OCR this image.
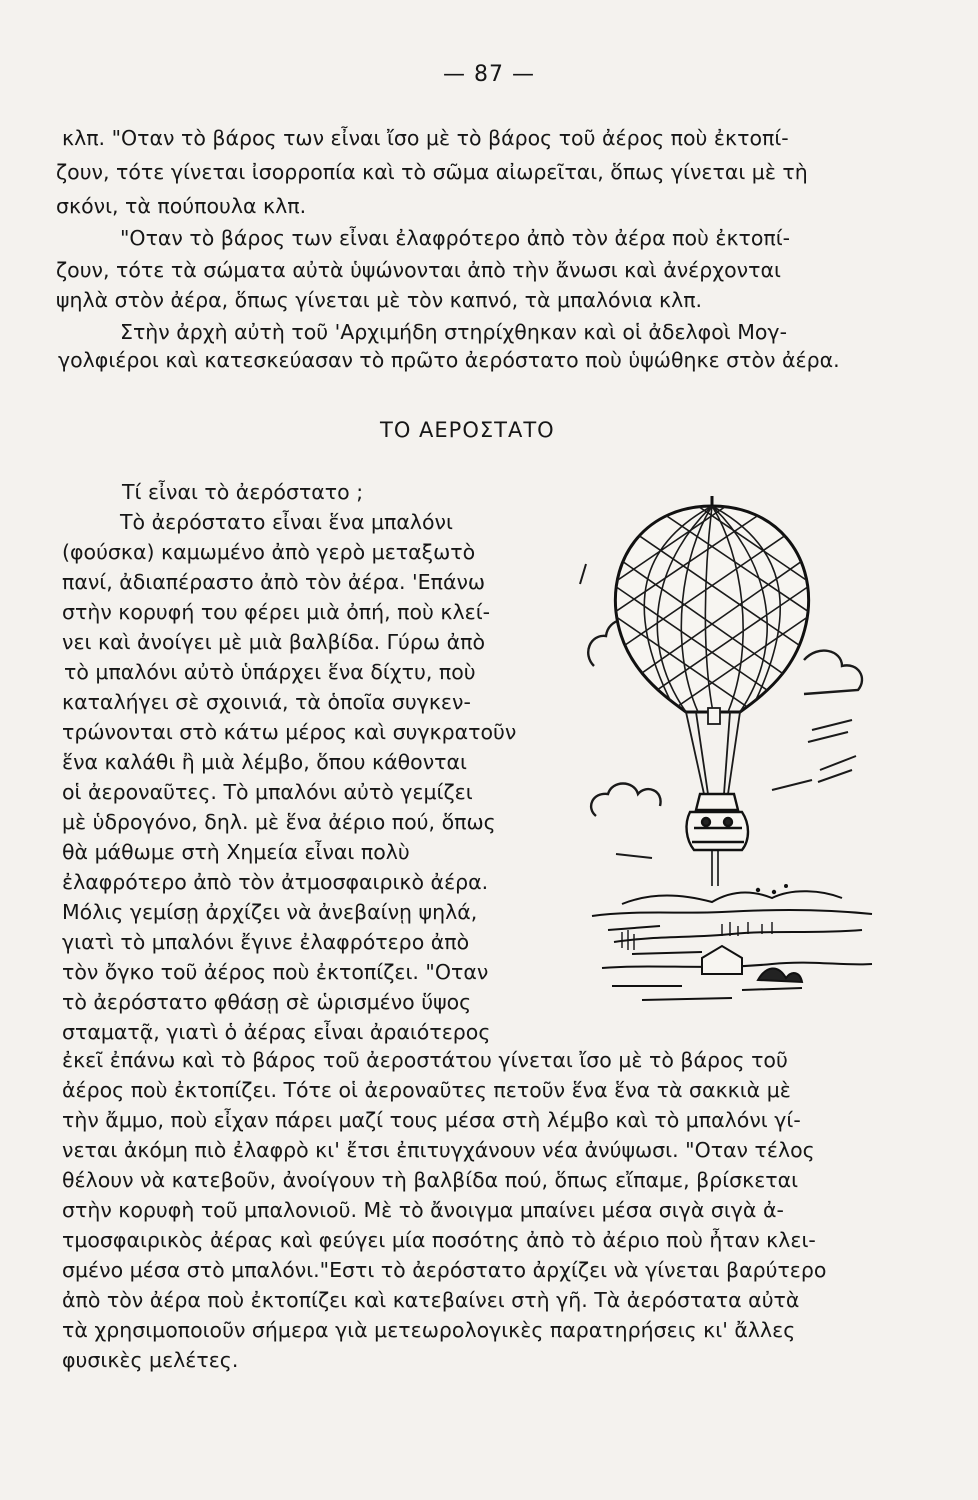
— 87 —
κλπ. "Οταν τὸ βάρος των εἶναι ἴσο μὲ τὸ βάρος τοῦ ἀέρος ποὺ ἐκτοπί-
ζουν, τότε γίνεται ἰσορροπία καὶ τὸ σῶμα αἰωρεῖται, ὅπως γίνεται μὲ τὴ
σκόνι, τὰ πούπουλα κλπ.
"Οταν τὸ βάρος των εἶναι ἐλαφρότερο ἀπὸ τὸν ἀέρα ποὺ ἐκτοπί-
ζουν, τότε τὰ σώματα αὐτὰ ὑψώνονται ἀπὸ τὴν ἄνωσι καὶ ἀνέρχονται
ψηλὰ στὸν ἀέρα, ὅπως γίνεται μὲ τὸν καπνό, τὰ μπαλόνια κλπ.
Στὴν ἀρχὴ αὐτὴ τοῦ 'Αρχιμήδη στηρίχθηκαν καὶ οἱ ἀδελφοὶ Μογ-
γολφιέροι καὶ κατεσκεύασαν τὸ πρῶτο ἀερόστατο ποὺ ὑψώθηκε στὸν ἀέρα.
ΤΟ ΑΕΡΟΣΤΑΤΟ
Τί εἶναι τὸ ἀερόστατο ;
Τὸ ἀερόστατο εἶναι ἕνα μπαλόνι
(φούσκα) καμωμένο ἀπὸ γερὸ μεταξωτὸ
πανί, ἀδιαπέραστο ἀπὸ τὸν ἀέρα. 'Επάνω
στὴν κορυφή του φέρει μιὰ ὀπή, ποὺ κλεί-
νει καὶ ἀνοίγει μὲ μιὰ βαλβίδα. Γύρω ἀπὸ
τὸ μπαλόνι αὐτὸ ὑπάρχει ἕνα δίχτυ, ποὺ
καταλήγει σὲ σχοινιά, τὰ ὁποῖα συγκεν-
τρώνονται στὸ κάτω μέρος καὶ συγκρατοῦν
ἕνα καλάθι ἢ μιὰ λέμβο, ὅπου κάθονται
οἱ ἀεροναῦτες. Τὸ μπαλόνι αὐτὸ γεμίζει
μὲ ὑδρογόνο, δηλ. μὲ ἕνα ἀέριο πού, ὅπως
θὰ μάθωμε στὴ Χημεία εἶναι πολὺ
ἐλαφρότερο ἀπὸ τὸν ἀτμοσφαιρικὸ ἀέρα.
Μόλις γεμίσῃ ἀρχίζει νὰ ἀνεβαίνῃ ψηλά,
γιατὶ τὸ μπαλόνι ἔγινε ἐλαφρότερο ἀπὸ
τὸν ὄγκο τοῦ ἀέρος ποὺ ἐκτοπίζει. "Οταν
τὸ ἀερόστατο φθάσῃ σὲ ὡρισμένο ὕψος
σταματᾷ, γιατὶ ὁ ἀέρας εἶναι ἀραιότερος
ἐκεῖ ἐπάνω καὶ τὸ βάρος τοῦ ἀεροστάτου γίνεται ἴσο μὲ τὸ βάρος τοῦ
ἀέρος ποὺ ἐκτοπίζει. Τότε οἱ ἀεροναῦτες πετοῦν ἕνα ἕνα τὰ σακκιὰ μὲ
τὴν ἄμμο, ποὺ εἶχαν πάρει μαζί τους μέσα στὴ λέμβο καὶ τὸ μπαλόνι γί-
νεται ἀκόμη πιὸ ἐλαφρὸ κι' ἔτσι ἐπιτυγχάνουν νέα ἀνύψωσι. "Οταν τέλος
θέλουν νὰ κατεβοῦν, ἀνοίγουν τὴ βαλβίδα πού, ὅπως εἴπαμε, βρίσκεται
στὴν κορυφὴ τοῦ μπαλονιοῦ. Μὲ τὸ ἄνοιγμα μπαίνει μέσα σιγὰ σιγὰ ἀ-
τμοσφαιρικὸς ἀέρας καὶ φεύγει μία ποσότης ἀπὸ τὸ ἀέριο ποὺ ἦταν κλει-
σμένο μέσα στὸ μπαλόνι."Εστι τὸ ἀερόστατο ἀρχίζει νὰ γίνεται βαρύτερο
ἀπὸ τὸν ἀέρα ποὺ ἐκτοπίζει καὶ κατεβαίνει στὴ γῆ. Τὰ ἀερόστατα αὐτὰ
τὰ χρησιμοποιοῦν σήμερα γιὰ μετεωρολογικὲς παρατηρήσεις κι' ἄλλες
φυσικὲς μελέτες.
